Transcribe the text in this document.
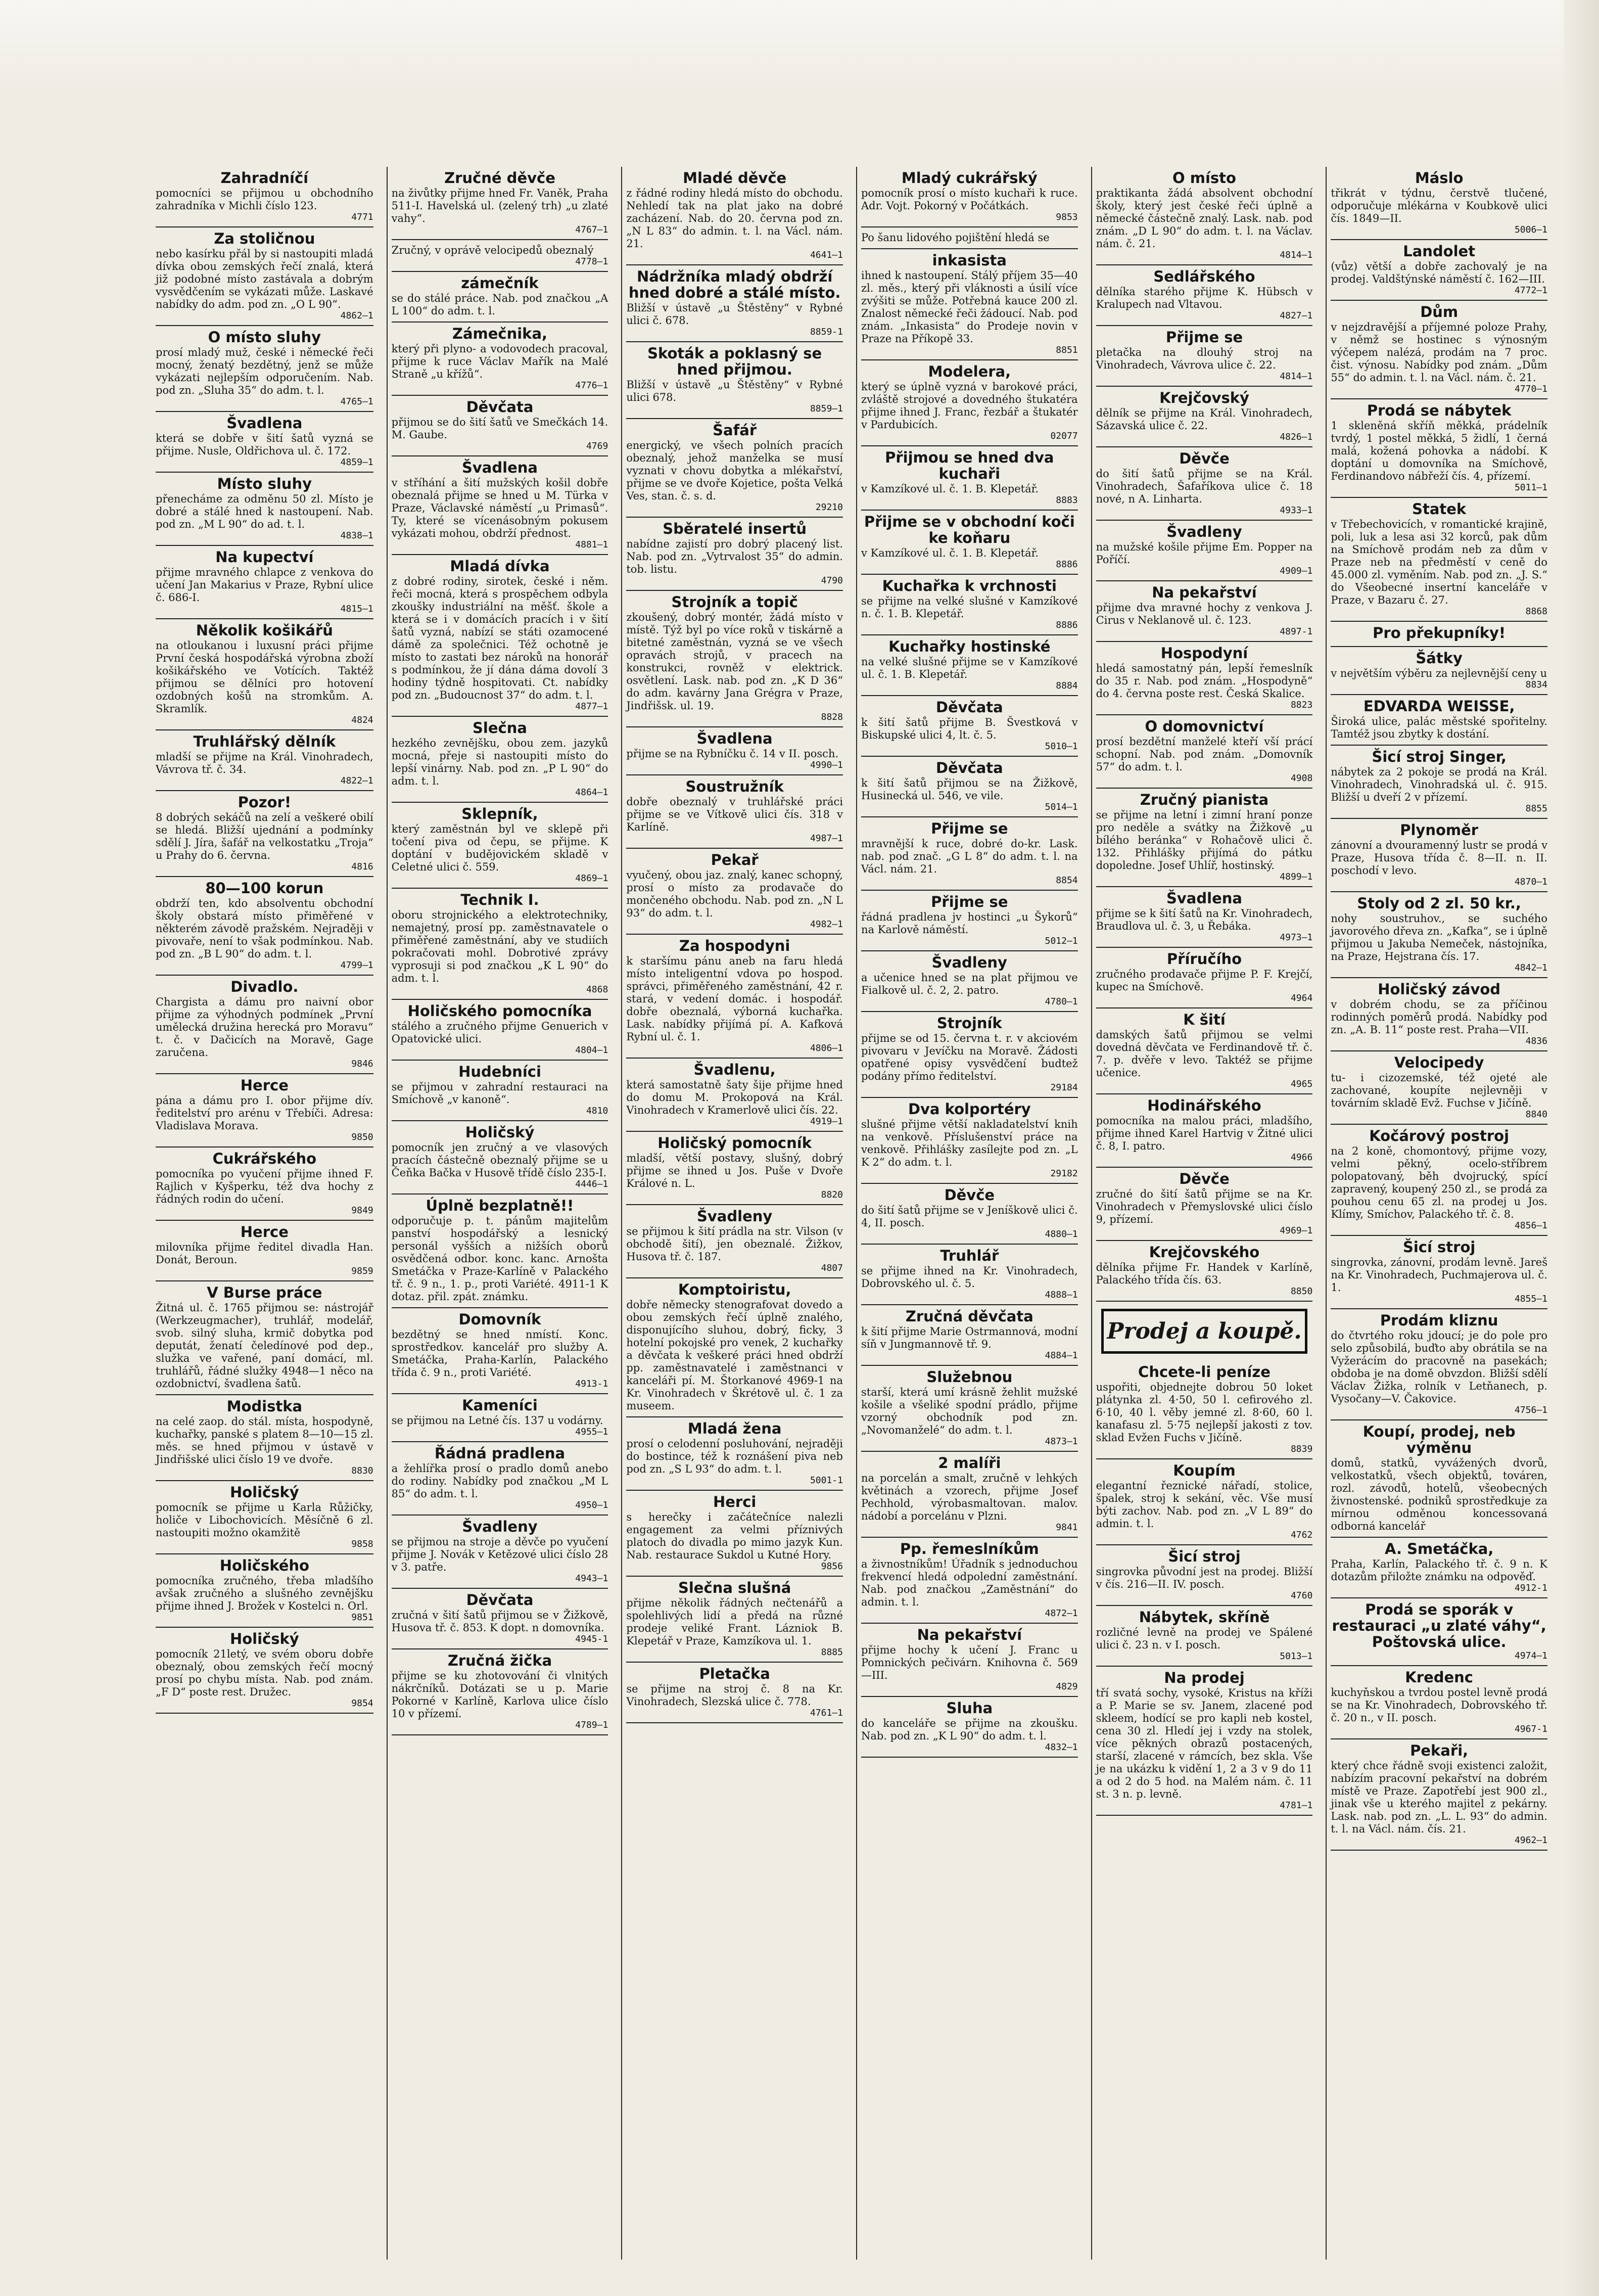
Zahradníčí

pomocníci se přijmou u obchodního zahradníka v Michli číslo 123.

4771

Za stoličnou

nebo kasírku přál by si nastoupiti mladá dívka obou zemských řečí znalá, která již podobné místo zastávala a dobrým vysvědčením se vykázati může. Laskavé nabídky do adm. pod zn. „O L 90“.

4862—1

O místo sluhy

prosí mladý muž, české i německé řeči mocný, ženatý bezdětný, jenž se může vykázati nejlepším odporučením. Nab. pod zn. „Sluha 35“ do adm. t. l.

4765—1

Švadlena

která se dobře v šití šatů vyzná se přijme. Nusle, Oldřichova ul. č. 172.

4859—1

Místo sluhy

přenecháme za odměnu 50 zl. Místo je dobré a stálé hned k nastoupení. Nab. pod zn. „M L 90“ do ad. t. l.

4838—1

Na kupectví

přijme mravného chlapce z venkova do učení Jan Makarius v Praze, Rybní ulice č. 686-I.

4815—1

Několik košikářů

na otloukanou i luxusní práci přijme První česká hospodářská výrobna zboží košikářského ve Votících. Taktéž přijmou se dělníci pro hotovení ozdobných košů na stromkům. A. Skramlík.

4824

Truhlářský dělník

mladší se přijme na Král. Vinohradech, Vávrova tř. č. 34.

4822—1

Pozor!

8 dobrých sekáčů na zelí a veškeré obilí se hledá. Bližší ujednání a podmínky sdělí J. Jíra, šafář na velkostatku „Troja“ u Prahy do 6. června.

4816

80—100 korun

obdrží ten, kdo absolventu obchodní školy obstará místo přiměřené v některém závodě pražském. Nejraději v pivovaře, není to však podmínkou. Nab. pod zn. „B L 90“ do adm. t. l.

4799—1

Divadlo.

Chargista a dámu pro naivní obor přijme za výhodných podmínek „První umělecká družina herecká pro Moravu“ t. č. v Dačicích na Moravě, Gage zaručena.

9846

Herce

pána a dámu pro I. obor přijme dív. ředitelství pro arénu v Třebíči. Adresa: Vladislava Morava.

9850

Cukrářského

pomocníka po vyučení přijme ihned F. Rajlich v Kyšperku, též dva hochy z řádných rodin do učení.

9849

Herce

milovníka přijme ředitel divadla Han. Donát, Beroun.

9859

V Burse práce

Žitná ul. č. 1765 přijmou se: nástrojář (Werkzeugmacher), truhlář, modelář, svob. silný sluha, krmič dobytka pod deputát, ženatí čeledínové pod dep., služka ve vařené, paní domácí, ml. truhlářů, řádné služky 4948—1 něco na ozdobnictví, švadlena šatů.

Modistka

na celé zaop. do stál. místa, hospodyně, kuchařky, panské s platem 8—10—15 zl. měs. se hned přijmou v ústavě v Jindřišské ulici číslo 19 ve dvoře.

8830

Holičský

pomocník se přijme u Karla Růžičky, holiče v Libochovicích. Měsíčně 6 zl. nastoupiti možno okamžitě

9858

Holičského

pomocníka zručného, třeba mladšího avšak zručného a slušného zevnějšku přijme ihned J. Brožek v Kostelci n. Orl.

9851

Holičský

pomocník 21letý, ve svém oboru dobře obeznalý, obou zemských řečí mocný prosí po chybu místa. Nab. pod znám. „F D“ poste rest. Družec.

9854

Zručné děvče

na živůtky přijme hned Fr. Vaněk, Praha 511-I. Havelská ul. (zelený trh) „u zlaté vahy“.

4767—1

Zručný, v oprávě velocipedů obeznalý

4778—1

zámečník

se do stálé práce. Nab. pod značkou „A L 100“ do adm. t. l.

Zámečnika,

který při plyno- a vodovodech pracoval, přijme k ruce Václav Mařík na Malé Straně „u křížů“.

4776—1

Děvčata

přijmou se do šití šatů ve Smečkách 14. M. Gaube.

4769

Švadlena

v stříhání a šití mužských košil dobře obeznalá přijme se hned u M. Türka v Praze, Václavské náměstí „u Primasů“. Ty, které se vícenásobným pokusem vykázati mohou, obdrží přednost.

4881—1

Mladá dívka

z dobré rodiny, sirotek, české i něm. řeči mocná, která s prospěchem odbyla zkoušky industriální na měšť. škole a která se i v domácích pracích i v šití šatů vyzná, nabízí se státi ozamocené dámě za společnici. Též ochotně je místo to zastati bez nároků na honorář s podmínkou, že jí dána dáma dovolí 3 hodiny týdně hospitovati. Ct. nabídky pod zn. „Budoucnost 37“ do adm. t. l.

4877—1

Slečna

hezkého zevnějšku, obou zem. jazyků mocná, přeje si nastoupiti místo do lepší vinárny. Nab. pod zn. „P L 90“ do adm. t. l.

4864—1

Sklepník,

který zaměstnán byl ve sklepě při točení piva od čepu, se přijme. K doptání v budějovickém skladě v Celetné ulici č. 559.

4869—1

Technik I.

oboru strojnického a elektrotechniky, nemajetný, prosí pp. zaměstnavatele o přiměřené zaměstnání, aby ve studiích pokračovati mohl. Dobrotivé zprávy vyprosuji si pod značkou „K L 90“ do adm. t. l.

4868

Holičského pomocníka

stálého a zručného přijme Genuerich v Opatovické ulici.

4804—1

Hudebníci

se přijmou v zahradní restauraci na Smíchově „v kanoně“.

4810

Holičský

pomocník jen zručný a ve vlasových pracích částečně obeznalý přijme se u Čeňka Bačka v Husově třídě číslo 235-I.

4446—1

Úplně bezplatně!!

odporučuje p. t. pánům majitelům panství hospodářský a lesnický personál vyšších a nižších oborů osvědčená odbor. konc. kanc. Arnošta Smetáčka v Praze-Karlíně v Palackého tř. č. 9 n., 1. p., proti Variété. 4911-1 K dotaz. přil. zpát. známku.

Domovník

bezdětný se hned nmístí. Konc. sprostředkov. kancelář pro služby A. Smetáčka, Praha-Karlín, Palackého třída č. 9 n., proti Variété.

4913-1

Kameníci

se přijmou na Letné čís. 137 u vodárny.

4955—1

Řádná pradlena

a žehlířka prosí o pradlo domů anebo do rodiny. Nabídky pod značkou „M L 85“ do adm. t. l.

4950—1

Švadleny

se přijmou na stroje a děvče po vyučení přijme J. Novák v Ketězové ulici číslo 28 v 3. patře.

4943—1

Děvčata

zručná v šití šatů přijmou se v Žižkově, Husova tř. č. 853. K dopt. n domovníka.

4945-1

Zručná žička

přijme se ku zhotovování či vlnitých nákrčníků. Dotázati se u p. Marie Pokorné v Karlíně, Karlova ulice číslo 10 v přízemí.

4789—1

Mladé děvče

z řádné rodiny hledá místo do obchodu. Nehledí tak na plat jako na dobré zacházení. Nab. do 20. června pod zn. „N L 83“ do admin. t. l. na Václ. nám. 21.

4641—1

Nádržníka mladý obdrží hned dobré a stálé místo.

Bližší v ústavě „u Štěstěny“ v Rybné ulici č. 678.

8859-1

Skoták a poklasný se hned přijmou.

Bližší v ústavě „u Štěstěny“ v Rybné ulici 678.

8859—1

Šafář

energický, ve všech polních pracích obeznalý, jehož manželka se musí vyznati v chovu dobytka a mlékařství, přijme se ve dvoře Kojetice, pošta Velká Ves, stan. č. s. d.

29210

Sběratelé insertů

nabídne zajistí pro dobrý placený list. Nab. pod zn. „Vytrvalost 35“ do admin. tob. listu.

4790

Strojník a topič

zkoušený, dobrý montér, žádá místo v místě. Týž byl po více roků v tiskárně a bitetné zaměstnán, vyzná se ve všech opravách strojů, v pracech na konstrukci, rovněž v elektrick. osvětlení. Lask. nab. pod zn. „K D 36“ do adm. kavárny Jana Grégra v Praze, Jindřišsk. ul. 19.

8828

Švadlena

přijme se na Rybníčku č. 14 v II. posch.

4990—1

Soustružník

dobře obeznalý v truhlářské práci přijme se ve Vítkově ulici čís. 318 v Karlíně.

4987—1

Pekař

vyučený, obou jaz. znalý, kanec schopný, prosí o místo za prodavače do mončeného obchodu. Nab. pod zn. „N L 93“ do adm. t. l.

4982—1

Za hospodyni

k staršímu pánu aneb na faru hledá místo inteligentní vdova po hospod. správci, přiměřeného zaměstnání, 42 r. stará, v vedení domác. i hospodář. dobře obeznalá, výborná kuchařka. Lask. nabídky přijímá pí. A. Kafková Rybní ul. č. 1.

4806—1

Švadlenu,

která samostatně šaty šije přijme hned do domu M. Prokopová na Král. Vinohradech v Kramerlově ulici čís. 22.

4919—1

Holičský pomocník

mladší, větší postavy, slušný, dobrý přijme se ihned u Jos. Puše v Dvoře Králové n. L.

8820

Švadleny

se přijmou k šití prádla na str. Vilson (v obchodě šití), jen obeznalé. Žižkov, Husova tř. č. 187.

4807

Komptoiristu,

dobře německy stenografovat dovedo a obou zemských řečí úplně znalého, disponujícího sluhou, dobrý, ficky, 3 hotelní pokojské pro venek, 2 kuchařky a děvčata k veškeré práci hned obdrží pp. zaměstnavatelé i zaměstnanci v kanceláři pí. M. Štorkanové 4969-1 na Kr. Vinohradech v Škrétově ul. č. 1 za museem.

Mladá žena

prosí o celodenní posluhování, nejraději do bostince, též k roznášení piva neb pod zn. „S L 93“ do adm. t. l.

5001-1

Herci

s herečky i začátečníce nalezli engagement za velmi příznivých platoch do divadla po mimo jazyk Kun. Nab. restaurace Sukdol u Kutné Hory.

9856

Slečna slušná

přijme několik řádných nečtenářů a spolehlivých lidí a předá na různé prodeje veliké Frant. Lázniok B. Klepetář v Praze, Kamzíkova ul. 1.

8885

Pletačka

se přijme na stroj č. 8 na Kr. Vinohradech, Slezská ulice č. 778.

4761—1

Mladý cukrářský

pomocník prosí o místo kuchaři k ruce. Adr. Vojt. Pokorný v Počátkách.

9853

Po šanu lidového pojištění hledá se

inkasista

ihned k nastoupení. Stálý příjem 35—40 zl. měs., který při vláknosti a úsilí více zvýšiti se může. Potřebná kauce 200 zl. Znalost německé řeči žádoucí. Nab. pod znám. „Inkasista“ do Prodeje novin v Praze na Příkopě 33.

8851

Modelera,

který se úplně vyzná v barokové práci, zvláště strojové a dovedného štukatéra přijme ihned J. Franc, řezbář a štukatér v Pardubicích.

02077

Přijmou se hned dva kuchaři

v Kamzíkové ul. č. 1. B. Klepetář.

8883

Přijme se v obchodní koči ke koňaru

v Kamzíkové ul. č. 1. B. Klepetář.

8886

Kuchařka k vrchnosti

se přijme na velké slušné v Kamzíkové n. č. 1. B. Klepetář.

8886

Kuchařky hostinské

na velké slušné přijme se v Kamzíkové ul. č. 1. B. Klepetář.

8884

Děvčata

k šití šatů přijme B. Švestková v Biskupské ulici 4, lt. č. 5.

5010—1

Děvčata

k šití šatů přijmou se na Žižkově, Husinecká ul. 546, ve vile.

5014—1

Přijme se

mravnější k ruce, dobré do-kr. Lask. nab. pod znač. „G L 8“ do adm. t. l. na Václ. nám. 21.

8854

Přijme se

řádná pradlena jv hostinci „u Šykorů“ na Karlově náměstí.

5012—1

Švadleny

a učenice hned se na plat přijmou ve Fialkově ul. č. 2, 2. patro.

4780—1

Strojník

přijme se od 15. června t. r. v akciovém pivovaru v Jevíčku na Moravě. Žádosti opatřené opisy vysvědčení budtež podány přímo ředitelství.

29184

Dva kolportéry

slušné přijme větší nakladatelství knih na venkově. Příslušenství práce na venkově. Přihlášky zasílejte pod zn. „L K 2“ do adm. t. l.

29182

Děvče

do šití šatů přijme se v Jeníškově ulici č. 4, II. posch.

4880—1

Truhlář

se přijme ihned na Kr. Vinohradech, Dobrovského ul. č. 5.

4888—1

Zručná děvčata

k šití přijme Marie Ostrmannová, modní síň v Jungmannově tř. 9.

4884—1

Služebnou

starší, která umí krásně žehlit mužské košile a všeliké spodní prádlo, přijme vzorný obchodník pod zn. „Novomanželé“ do adm. t. l.

4873—1

2 malíři

na porcelán a smalt, zručně v lehkých květinách a vzorech, přijme Josef Pechhold, výrobasmaltovan. malov. nádobí a porcelánu v Plzni.

9841

Pp. řemeslníkům

a živnostníkům! Úřadník s jednoduchou frekvencí hledá odpolední zaměstnání. Nab. pod značkou „Zaměstnání“ do admin. t. l.

4872—1

Na pekařství

přijme hochy k učení J. Franc u Pomnických pečivárn. Knihovna č. 569—III.

4829

Sluha

do kanceláře se přijme na zkoušku. Nab. pod zn. „K L 90“ do adm. t. l.

4832—1

O místo

praktikanta žádá absolvent obchodní školy, který jest české řeči úplně a německé částečně znalý. Lask. nab. pod znám. „D L 90“ do adm. t. l. na Václav. nám. č. 21.

4814—1

Sedlářského

dělníka starého přijme K. Hübsch v Kralupech nad Vltavou.

4827—1

Přijme se

pletačka na dlouhý stroj na Vinohradech, Vávrova ulice č. 22.

4814—1

Krejčovský

dělník se přijme na Král. Vinohradech, Sázavská ulice č. 22.

4826—1

Děvče

do šití šatů přijme se na Král. Vinohradech, Šafaříkova ulice č. 18 nové, n A. Linharta.

4933—1

Švadleny

na mužské košile přijme Em. Popper na Poříčí.

4909—1

Na pekařství

přijme dva mravné hochy z venkova J. Cirus v Neklanově ul. č. 123.

4897-1

Hospodyní

hledá samostatný pán, lepší řemeslník do 35 r. Nab. pod znám. „Hospodyně“ do 4. června poste rest. Česká Skalice.

8823

O domovnictví

prosí bezdětní manželé kteří vší prácí schopní. Nab. pod znám. „Domovník 57“ do adm. t. l.

4908

Zručný pianista

se přijme na letní i zimní hraní ponze pro neděle a svátky na Žižkově „u bílého beránka“ v Rohačově ulici č. 132. Přihlášky přijímá do pátku dopoledne. Josef Uhlíř, hostinský.

4899—1

Švadlena

přijme se k šití šatů na Kr. Vinohradech, Braudlova ul. č. 3, u Řebáka.

4973—1

Příručího

zručného prodavače přijme P. F. Krejčí, kupec na Smíchově.

4964

K šití

damských šatů přijmou se velmi dovedná děvčata ve Ferdinandově tř. č. 7. p. dvěře v levo. Taktéž se přijme učenice.

4965

Hodinářského

pomocníka na malou práci, mladšího, přijme ihned Karel Hartvig v Žitné ulici č. 8, I. patro.

4966

Děvče

zručné do šití šatů přijme se na Kr. Vinohradech v Přemyslovské ulici číslo 9, přízemí.

4969—1

Krejčovského

dělníka přijme Fr. Handek v Karlíně, Palackého třída čís. 63.

8850

Prodej a koupě.
Chcete-li peníze

uspořiti, objednejte dobrou 50 loket plátynka zl. 4·50, 50 l. cefirového zl. 6·10, 40 l. věby jemné zl. 8·60, 60 l. kanafasu zl. 5·75 nejlepší jakosti z tov. sklad Evžen Fuchs v Jičíně.

8839

Koupím

elegantní řeznické nářadí, stolice, špalek, stroj k sekání, věc. Vše musí býti zachov. Nab. pod zn. „V L 89“ do admin. t. l.

4762

Šicí stroj

singrovka původní jest na prodej. Bližší v čís. 216—II. IV. posch.

4760

Nábytek, skříně

rozličné levně na prodej ve Spálené ulici č. 23 n. v I. posch.

5013—1

Na prodej

tří svatá sochy, vysoké, Kristus na kříži a P. Marie se sv. Janem, zlacené pod skleem, hodící se pro kapli neb kostel, cena 30 zl. Hledí jej i vzdy na stolek, více pěkných obrazů postacených, starší, zlacené v rámcích, bez skla. Vše je na ukázku k vidění 1, 2 a 3 v 9 do 11 a od 2 do 5 hod. na Malém nám. č. 11 st. 3 n. p. levně.

4781—1

Máslo

třikrát v týdnu, čerstvě tlučené, odporučuje mlékárna v Koubkově ulici čís. 1849—II.

5006—1

Landolet

(vůz) větší a dobře zachovalý je na prodej. Valdštýnské náměstí č. 162—III.

4772—1

Dům

v nejzdravější a příjemné poloze Prahy, v němž se hostinec s výnosným výčepem nalézá, prodám na 7 proc. čist. výnosu. Nabídky pod znám. „Dům 55“ do admin. t. l. na Václ. nám. č. 21.

4770—1

Prodá se nábytek

1 skleněná skříň měkká, prádelník tvrdý, 1 postel měkká, 5 židlí, 1 černá malá, kožená pohovka a nádobí. K doptání u domovníka na Smíchově, Ferdinandovo nábřeží čís. 4, přízemí.

5011—1

Statek

v Třebechovicích, v romantické krajině, poli, luk a lesa asi 32 korců, pak dům na Smíchově prodám neb za dům v Praze neb na předměstí v ceně do 45.000 zl. vyměním. Nab. pod zn. „J. S.“ do Všeobecné insertní kanceláře v Praze, v Bazaru č. 27.

8868

Pro překupníky!

Šátky

v největším výběru za nejlevnější ceny u

8834

EDVARDA WEISSE,

Široká ulice, palác městské spořitelny. Tamtéž jsou zbytky k dostání.

Šicí stroj Singer,

nábytek za 2 pokoje se prodá na Král. Vinohradech, Vinohradská ul. č. 915. Bližší u dveří 2 v přízemí.

8855

Plynoměr

zánovní a dvouramenný lustr se prodá v Praze, Husova třída č. 8—II. n. II. poschodí v levo.

4870—1

Stoly od 2 zl. 50 kr.,

nohy soustruhov., se suchého javorového dřeva zn. „Kafka“, se i úplně přijmou u Jakuba Nemeček, nástojníka, na Praze, Hejstrana čís. 17.

4842—1

Holičský závod

v dobrém chodu, se za příčinou rodinných poměrů prodá. Nabídky pod zn. „A. B. 11“ poste rest. Praha—VII.

4836

Velocipedy

tu- i cizozemské, též ojeté ale zachované, koupíte nejlevněji v továrním skladě Evž. Fuchse v Jičíně.

8840

Kočárový postroj

na 2 koně, chomontový, přijme vozy, velmi pěkný, ocelo-stříbrem polopatovaný, běh dvojrucký, spící zapravený, koupený 250 zl., se prodá za pouhou cenu 65 zl. na prodej u Jos. Klímy, Smíchov, Palackého tř. č. 8.

4856—1

Šicí stroj

singrovka, zánovní, prodám levně. Jareš na Kr. Vinohradech, Puchmajerova ul. č. 1.

4855—1

Prodám kliznu

do čtvrtého roku jdoucí; je do pole pro selo způsobilá, buďto aby obrátila se na Vyžerácím do pracovně na pasekách; obdoba je na domě obvzdon. Bližší sdělí Václav Žižka, rolník v Letňanech, p. Vysočany—V. Čakovice.

4756—1

Koupí, prodej, neb výměnu

domů, statků, vyvážených dvorů, velkostatků, všech objektů, továren, rozl. závodů, hotelů, všeobecných živnostenské. podniků sprostředkuje za mírnou odměnou koncessovaná odborná kancelář

A. Smetáčka,

Praha, Karlín, Palackého tř. č. 9 n. K dotazům přiložte známku na odpověď.

4912-1

Prodá se sporák v restauraci „u zlaté váhy“, Poštovská ulice.

4974—1

Kredenc

kuchyňskou a tvrdou postel levně prodá se na Kr. Vinohradech, Dobrovského tř. č. 20 n., v II. posch.

4967-1

Pekaři,

který chce řádně svoji existenci založit, nabízím pracovní pekařství na dobrém místě ve Praze. Zapotřebí jest 900 zl., jinak vše u kterého majitel z pekárny. Lask. nab. pod zn. „L. L. 93“ do admin. t. l. na Václ. nám. čís. 21.

4962—1
